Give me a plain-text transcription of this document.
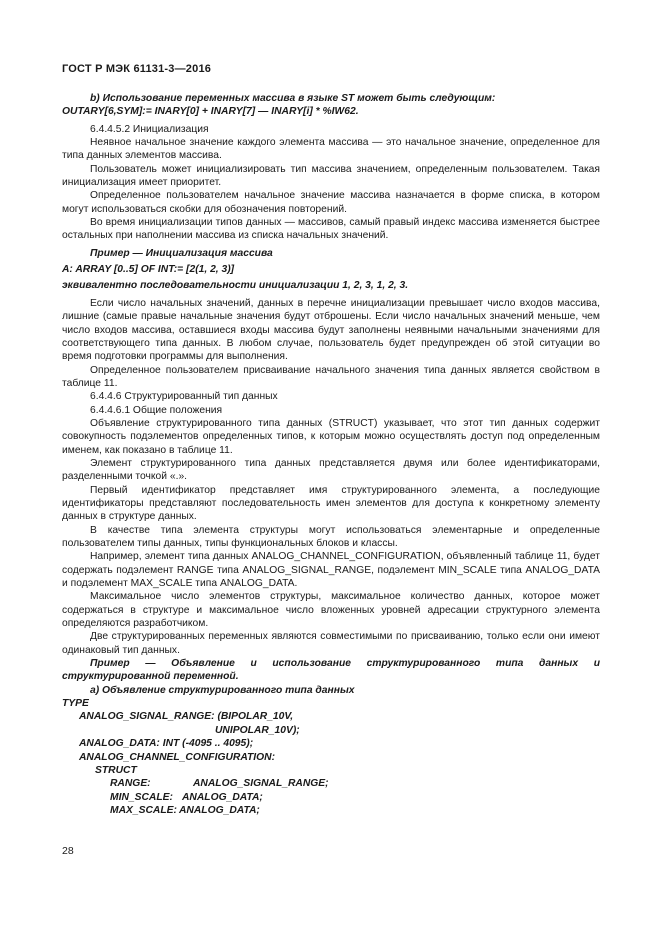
ГОСТ Р МЭК 61131-3—2016

b) Использование переменных массива в языке ST может быть следующим:

OUTARY[6,SYM]:= INARY[0] + INARY[7] — INARY[i] * %IW62.

6.4.4.5.2 Инициализация

Неявное начальное значение каждого элемента массива — это начальное значение, определенное для типа данных элементов массива.

Пользователь может инициализировать тип массива значением, определенным пользователем. Такая инициализация имеет приоритет.

Определенное пользователем начальное значение массива назначается в форме списка, в котором могут использоваться скобки для обозначения повторений.

Во время инициализации типов данных — массивов, самый правый индекс массива изменяется быстрее остальных при наполнении массива из списка начальных значений.

Пример — Инициализация массива

A: ARRAY [0..5] OF INT:= [2(1, 2, 3)]

эквивалентно последовательности инициализации 1, 2, 3, 1, 2, 3.

Если число начальных значений, данных в перечне инициализации превышает число входов массива, лишние (самые правые начальные значения будут отброшены. Если число начальных значений меньше, чем число входов массива, оставшиеся входы массива будут заполнены неявными начальными значениями для соответствующего типа данных. В любом случае, пользователь будет предупрежден об этой ситуации во время подготовки программы для выполнения.

Определенное пользователем присваивание начального значения типа данных является свойством в таблице 11.

6.4.4.6 Структурированный тип данных

6.4.4.6.1 Общие положения

Объявление структурированного типа данных (STRUCT) указывает, что этот тип данных содержит совокупность подэлементов определенных типов, к которым можно осуществлять доступ под определенным именем, как показано в таблице 11.

Элемент структурированного типа данных представляется двумя или более идентификаторами, разделенными точкой «.».

Первый идентификатор представляет имя структурированного элемента, а последующие идентификаторы представляют последовательность имен элементов для доступа к конкретному элементу данных в структуре данных.

В качестве типа элемента структуры могут использоваться элементарные и определенные пользователем типы данных, типы функциональных блоков и классы.

Например, элемент типа данных ANALOG_CHANNEL_CONFIGURATION, объявленный таблице 11, будет содержать подэлемент RANGE типа ANALOG_SIGNAL_RANGE, подэлемент MIN_SCALE типа ANALOG_DATA и подэлемент MAX_SCALE типа ANALOG_DATA.

Максимальное число элементов структуры, максимальное количество данных, которое может содержаться в структуре и максимальное число вложенных уровней адресации структурного элемента определяются разработчиком.

Две структурированных переменных являются совместимыми по присваиванию, только если они имеют одинаковый тип данных.

Пример — Объявление и использование структурированного типа данных и структурированной переменной.

a) Объявление структурированного типа данных

TYPE
ANALOG_SIGNAL_RANGE: (BIPOLAR_10V,
UNIPOLAR_10V);
ANALOG_DATA: INT (-4095 .. 4095);
ANALOG_CHANNEL_CONFIGURATION:
STRUCT
RANGE:	ANALOG_SIGNAL_RANGE;
MIN_SCALE: ANALOG_DATA;
MAX_SCALE: ANALOG_DATA;
28
